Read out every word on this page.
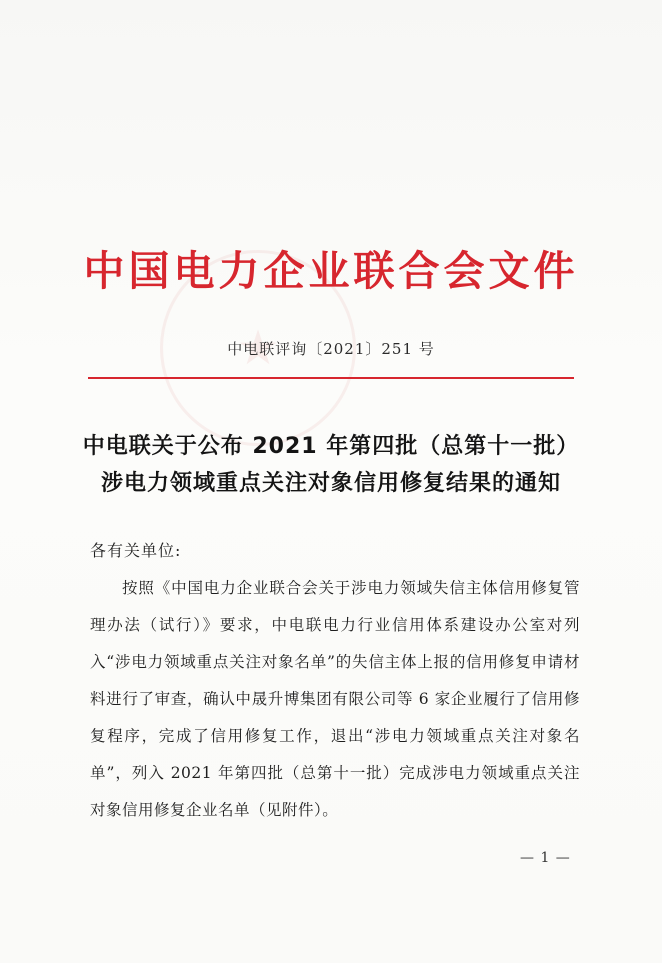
★
中国电力企业联合会文件
中电联评询〔2021〕251 号
中电联关于公布 2021 年第四批（总第十一批）
涉电力领域重点关注对象信用修复结果的通知
各有关单位:

按照《中国电力企业联合会关于涉电力领域失信主体信用修复管理办法（试行）》要求，中电联电力行业信用体系建设办公室对列入“涉电力领域重点关注对象名单”的失信主体上报的信用修复申请材料进行了审查，确认中晟升博集团有限公司等 6 家企业履行了信用修复程序，完成了信用修复工作，退出“涉电力领域重点关注对象名单”，列入 2021 年第四批（总第十一批）完成涉电力领域重点关注对象信用修复企业名单（见附件）。

— 1 —
